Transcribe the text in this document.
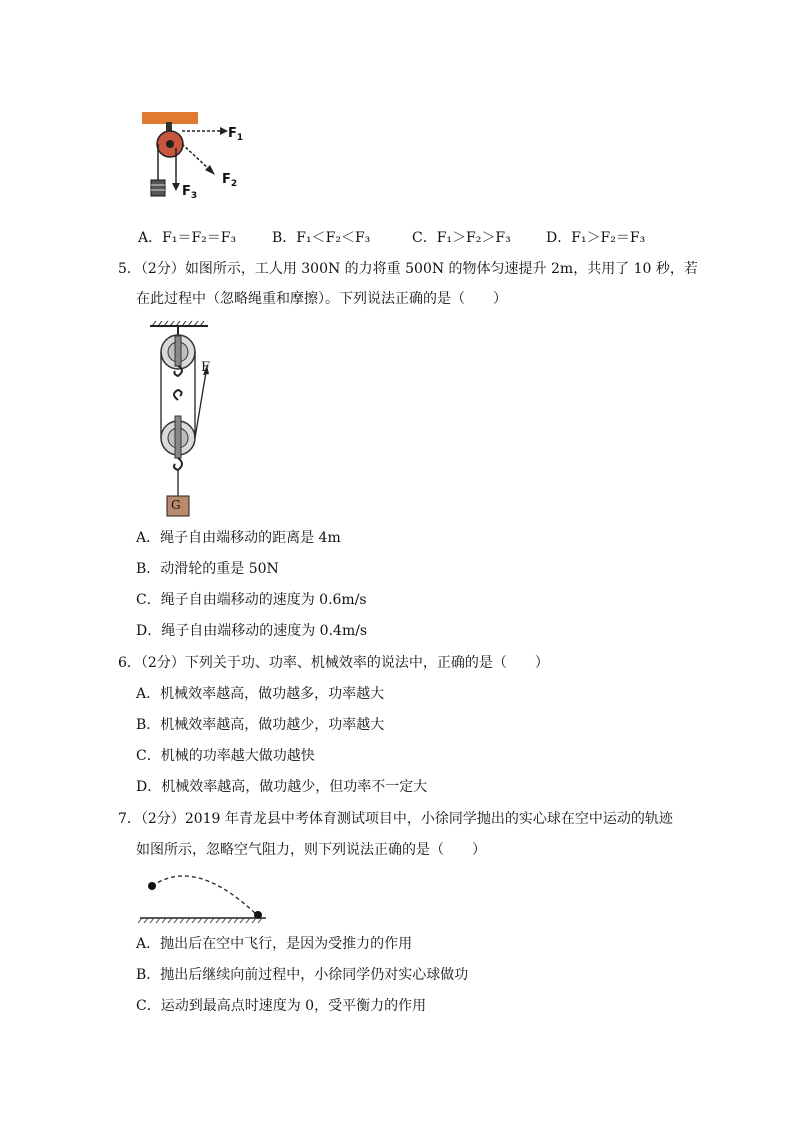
$F_1$
$F_2$
$F_3$
A．F₁＝F₂＝F₃	B．F₁＜F₂＜F₃	C．F₁＞F₂＞F₃	D．F₁＞F₂＝F₃
5．（2分）如图所示，工人用 300N 的力将重 500N 的物体匀速提升 2m，共用了 10 秒，若
在此过程中（忽略绳重和摩擦）。下列说法正确的是（　　）
F
G
A．绳子自由端移动的距离是 4m
B．动滑轮的重是 50N
C．绳子自由端移动的速度为 0.6m/s
D．绳子自由端移动的速度为 0.4m/s
6．（2分）下列关于功、功率、机械效率的说法中，正确的是（　　）
A．机械效率越高，做功越多，功率越大
B．机械效率越高，做功越少，功率越大
C．机械的功率越大做功越快
D．机械效率越高，做功越少，但功率不一定大
7．（2分）2019 年青龙县中考体育测试项目中，小徐同学抛出的实心球在空中运动的轨迹
如图所示，忽略空气阻力，则下列说法正确的是（　　）
A．抛出后在空中飞行，是因为受推力的作用
B．抛出后继续向前过程中，小徐同学仍对实心球做功
C．运动到最高点时速度为 0，受平衡力的作用
